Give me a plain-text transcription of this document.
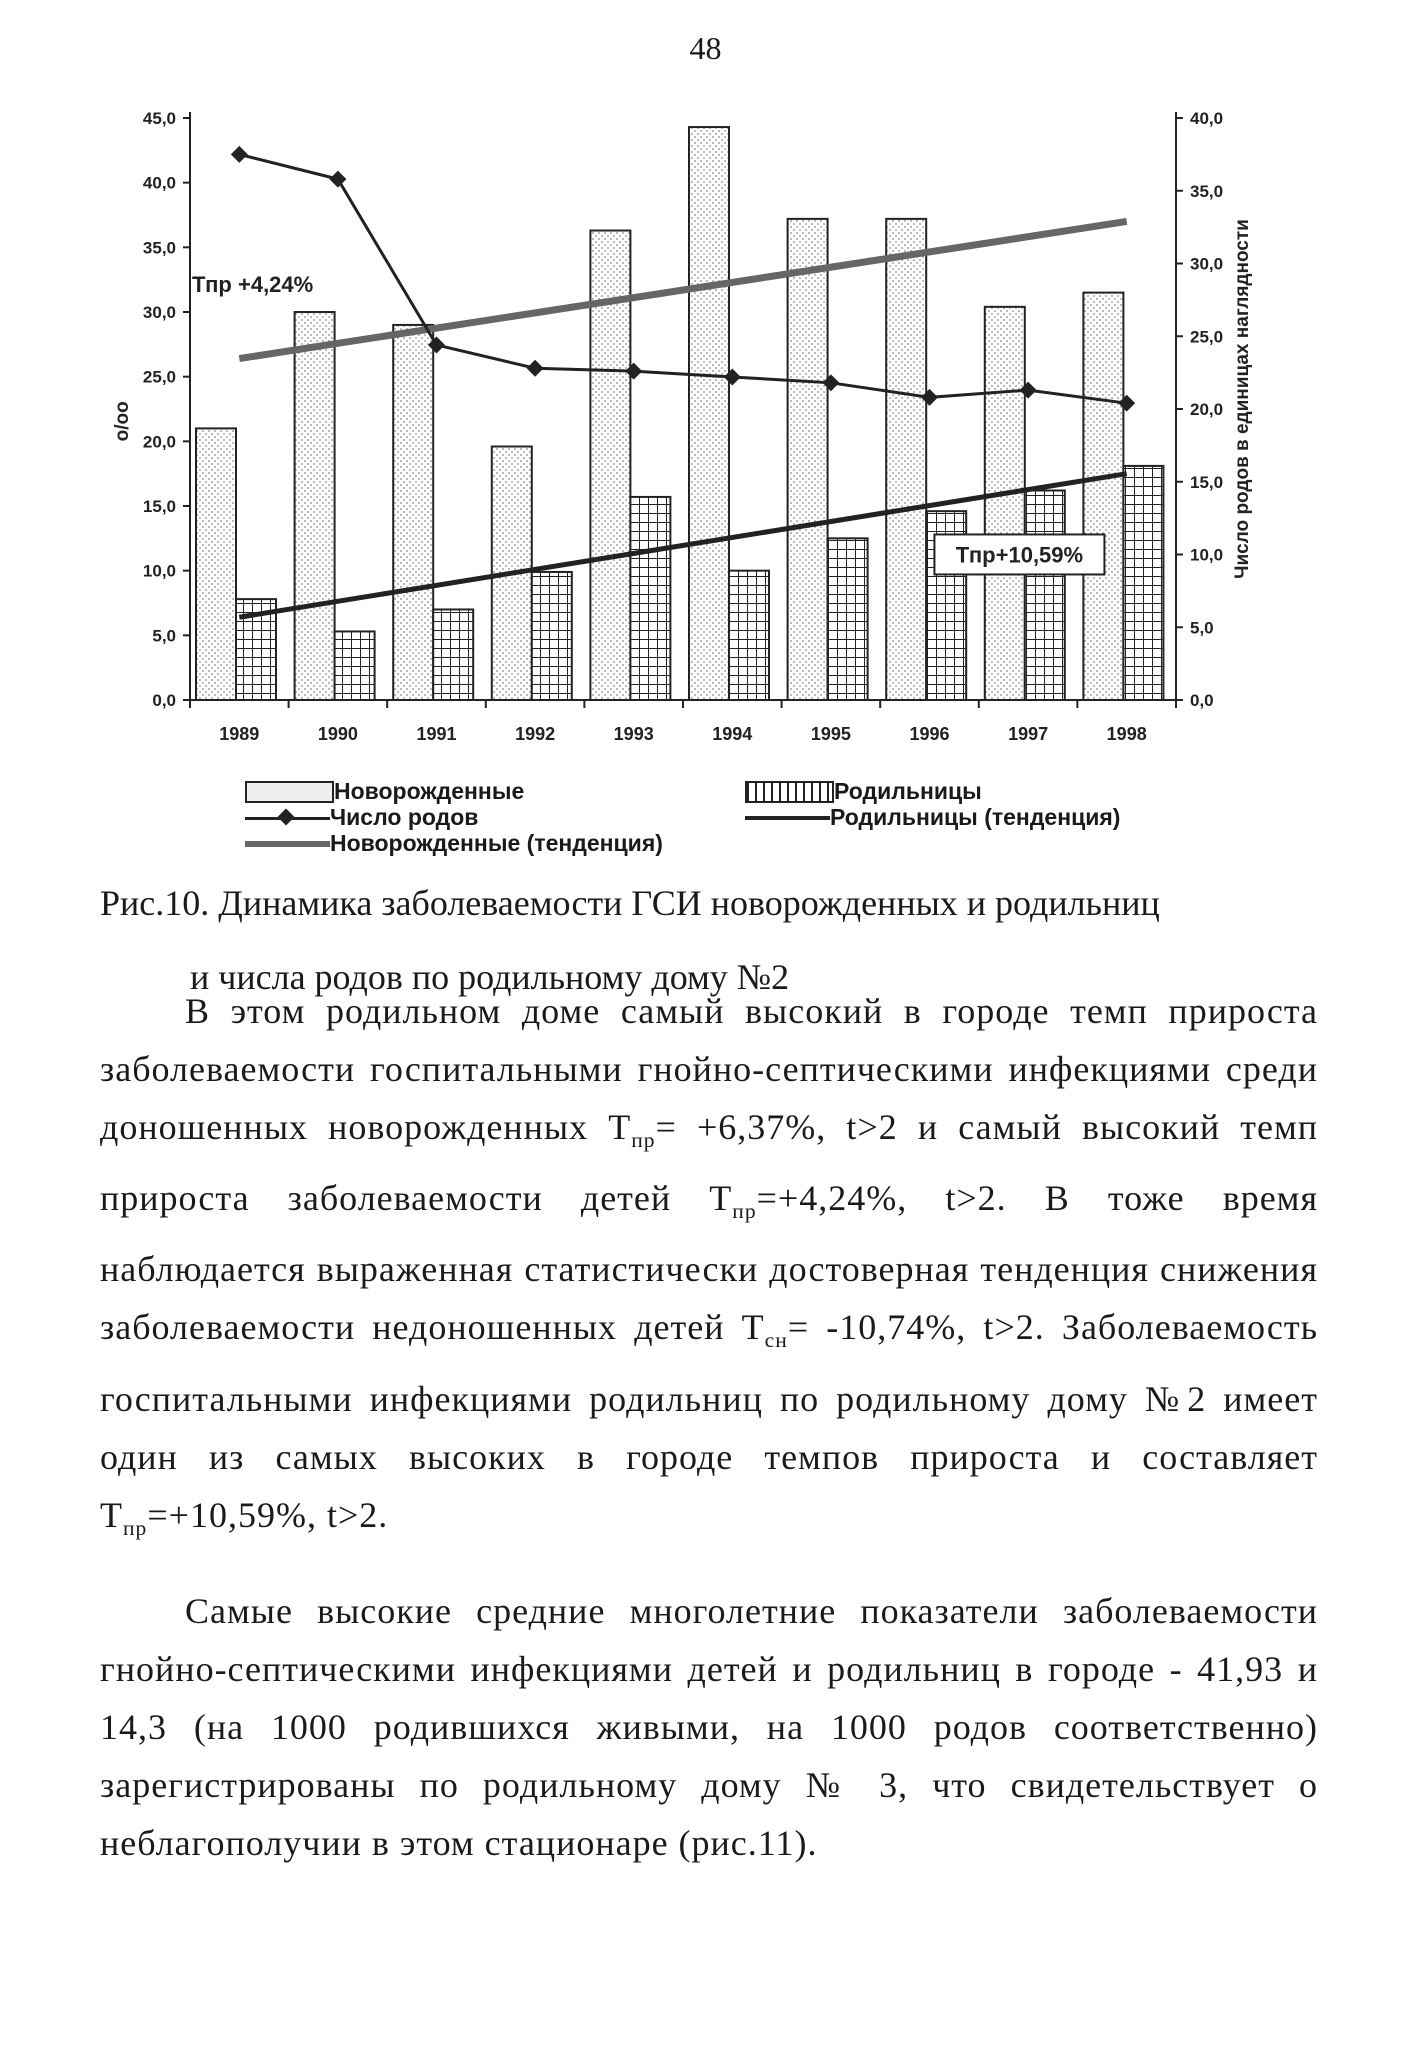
48
0,0
5,0
10,0
15,0
20,0
25,0
30,0
35,0
40,0
45,0
0,0
5,0
10,0
15,0
20,0
25,0
30,0
35,0
40,0
1989	1990	1991	1992	1993	1994	1995	1996	1997	1998
o/oo	Число родов в единицах наглядности
Тпр +4,24%
Тпр+10,59%
Новорожденные	Родильницы
Число родов	Родильницы (тенденция)
Новорожденные (тенденция)
Рис.10. Динамика заболеваемости ГСИ новорожденных и родильниц
и числа родов по родильному дому №2
В этом родильном доме самый высокий в городе темп прироста заболеваемости госпитальными гнойно-септическими инфекциями среди доношенных новорожденных $Т_{пр}= +6,37\%$, t>2 и самый высокий темп прироста заболеваемости детей $Т_{пр}=+4,24\%$, t>2. В тоже время наблюдается выраженная статистически достоверная тенденция снижения заболеваемости недоношенных детей $Т_{сн}= -10,74\%$, t>2. Заболеваемость госпитальными инфекциями родильниц по родильному дому №2 имеет один из самых высоких в городе темпов прироста и составляет $Т_{пр}=+10,59\%$, t>2.
Самые высокие средние многолетние показатели заболеваемости гнойно-септическими инфекциями детей и родильниц в городе - 41,93 и 14,3 (на 1000 родившихся живыми, на 1000 родов соответственно) зарегистрированы по родильному дому № 3, что свидетельствует о неблагополучии в этом стационаре (рис.11).
